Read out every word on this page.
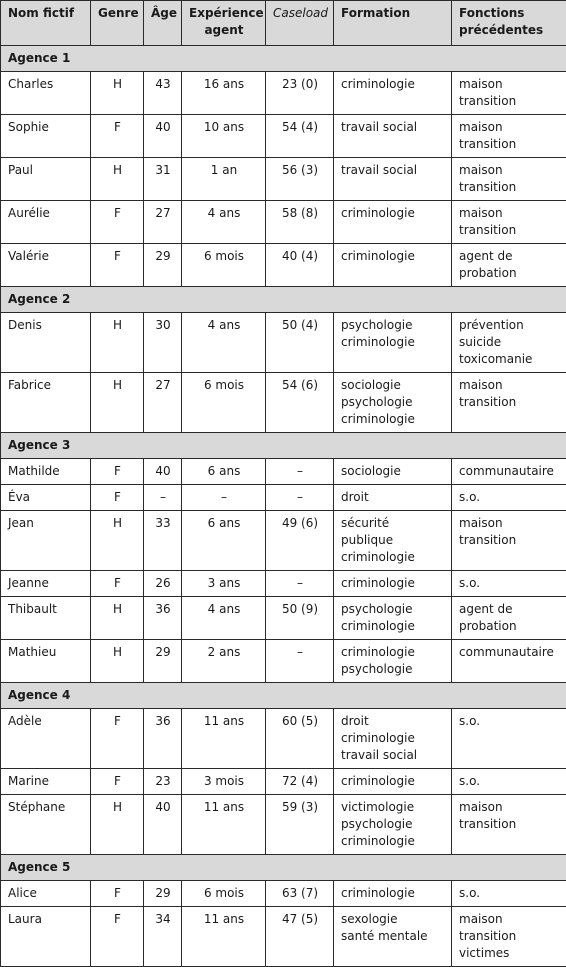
Nom fictif	Genre	Âge	Expérience
agent	Caseload	Formation	Fonctions
précédentes
Agence 1						
Charles	H	43	16 ans	23 (0)	criminologie	maison
transition
Sophie	F	40	10 ans	54 (4)	travail social	maison
transition
Paul	H	31	1 an	56 (3)	travail social	maison
transition
Aurélie	F	27	4 ans	58 (8)	criminologie	maison
transition
Valérie	F	29	6 mois	40 (4)	criminologie	agent de
probation
Agence 2						
Denis	H	30	4 ans	50 (4)	psychologie
criminologie	prévention
suicide
toxicomanie
Fabrice	H	27	6 mois	54 (6)	sociologie
psychologie
criminologie	maison
transition
Agence 3						
Mathilde	F	40	6 ans	–	sociologie	communautaire
Éva	F	–	–	–	droit	s.o.
Jean	H	33	6 ans	49 (6)	sécurité publique
criminologie	maison
transition
Jeanne	F	26	3 ans	–	criminologie	s.o.
Thibault	H	36	4 ans	50 (9)	psychologie
criminologie	agent de
probation
Mathieu	H	29	2 ans	–	criminologie
psychologie	communautaire
Agence 4						
Adèle	F	36	11 ans	60 (5)	droit
criminologie
travail social	s.o.
Marine	F	23	3 mois	72 (4)	criminologie	s.o.
Stéphane	H	40	11 ans	59 (3)	victimologie
psychologie
criminologie	maison
transition
Agence 5						
Alice	F	29	6 mois	63 (7)	criminologie	s.o.
Laura	F	34	11 ans	47 (5)	sexologie
santé mentale	maison
transition
victimes
